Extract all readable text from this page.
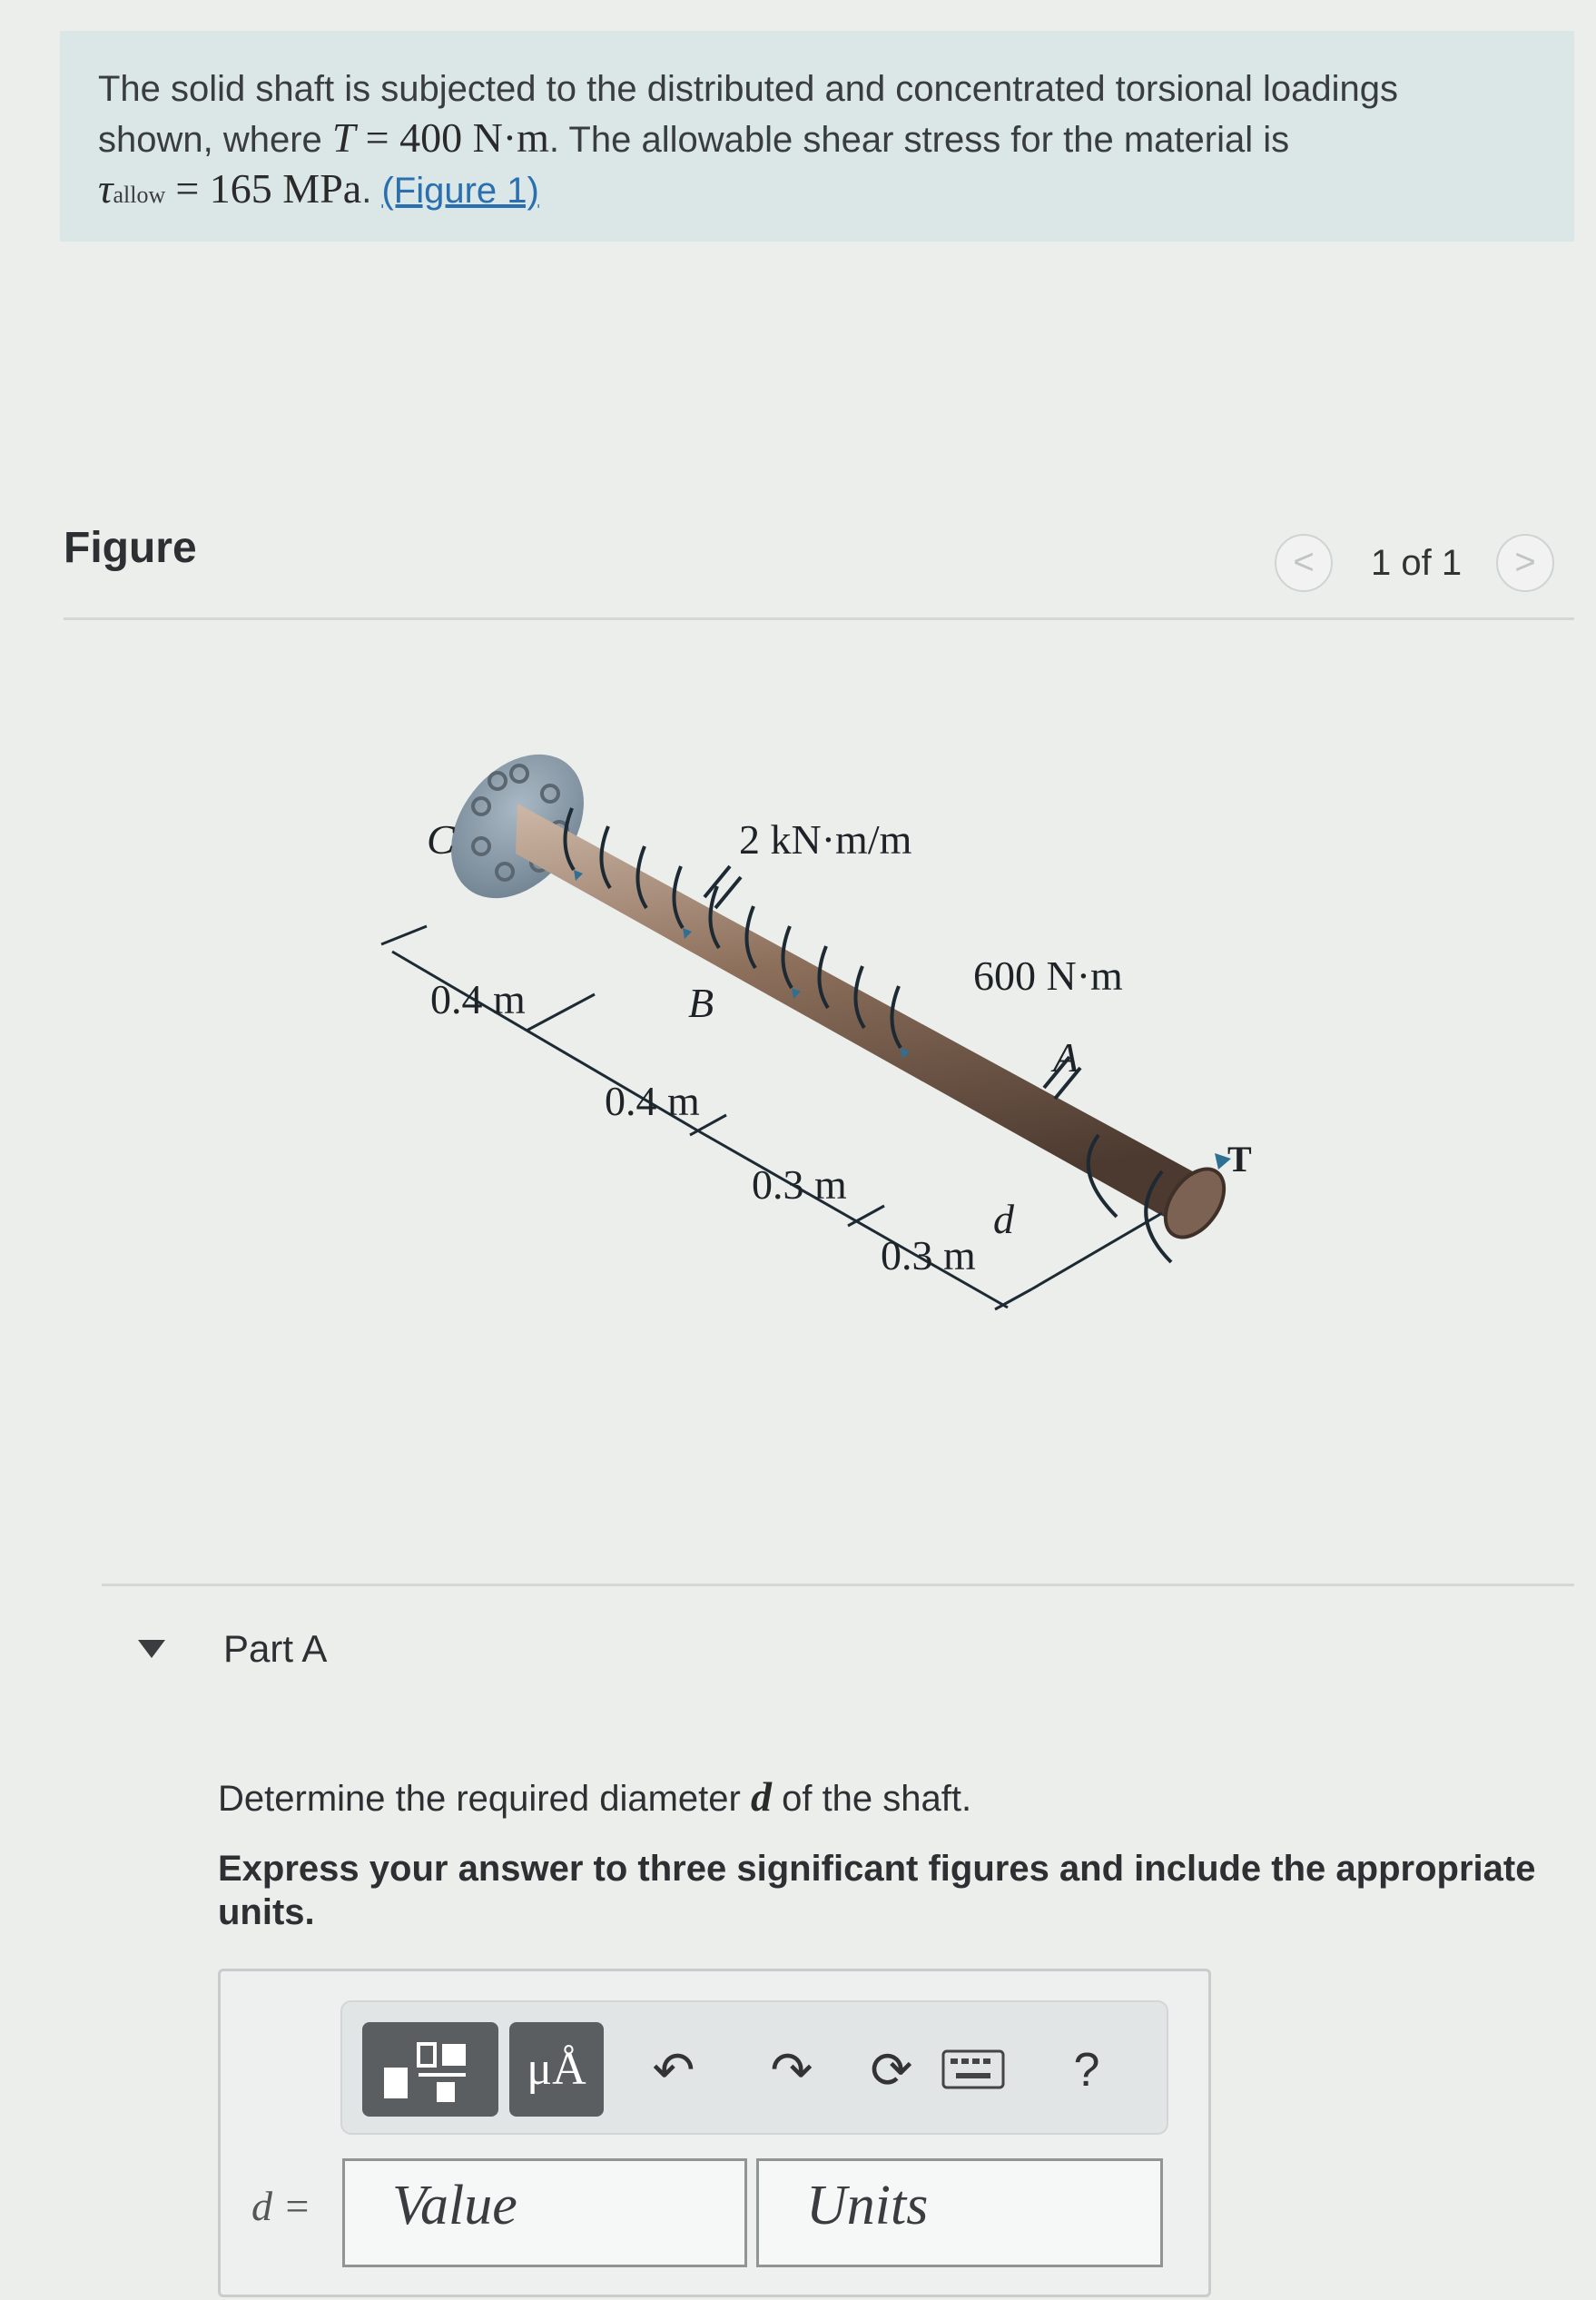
The solid shaft is subjected to the distributed and concentrated torsional loadings
shown, where T = 400 N·m. The allowable shear stress for the material is
τallow = 165 MPa. (Figure 1)
Figure	<	1 of 1	>
C
B
A
2 kN·m/m
600 N·m
T
0.4 m
0.4 m
0.3 m
0.3 m
d
Part A
Determine the required diameter d of the shaft.
Express your answer to three significant figures and include the appropriate units.
μÅ	↶ ↷ ⟳	?
d =	Value	Units
